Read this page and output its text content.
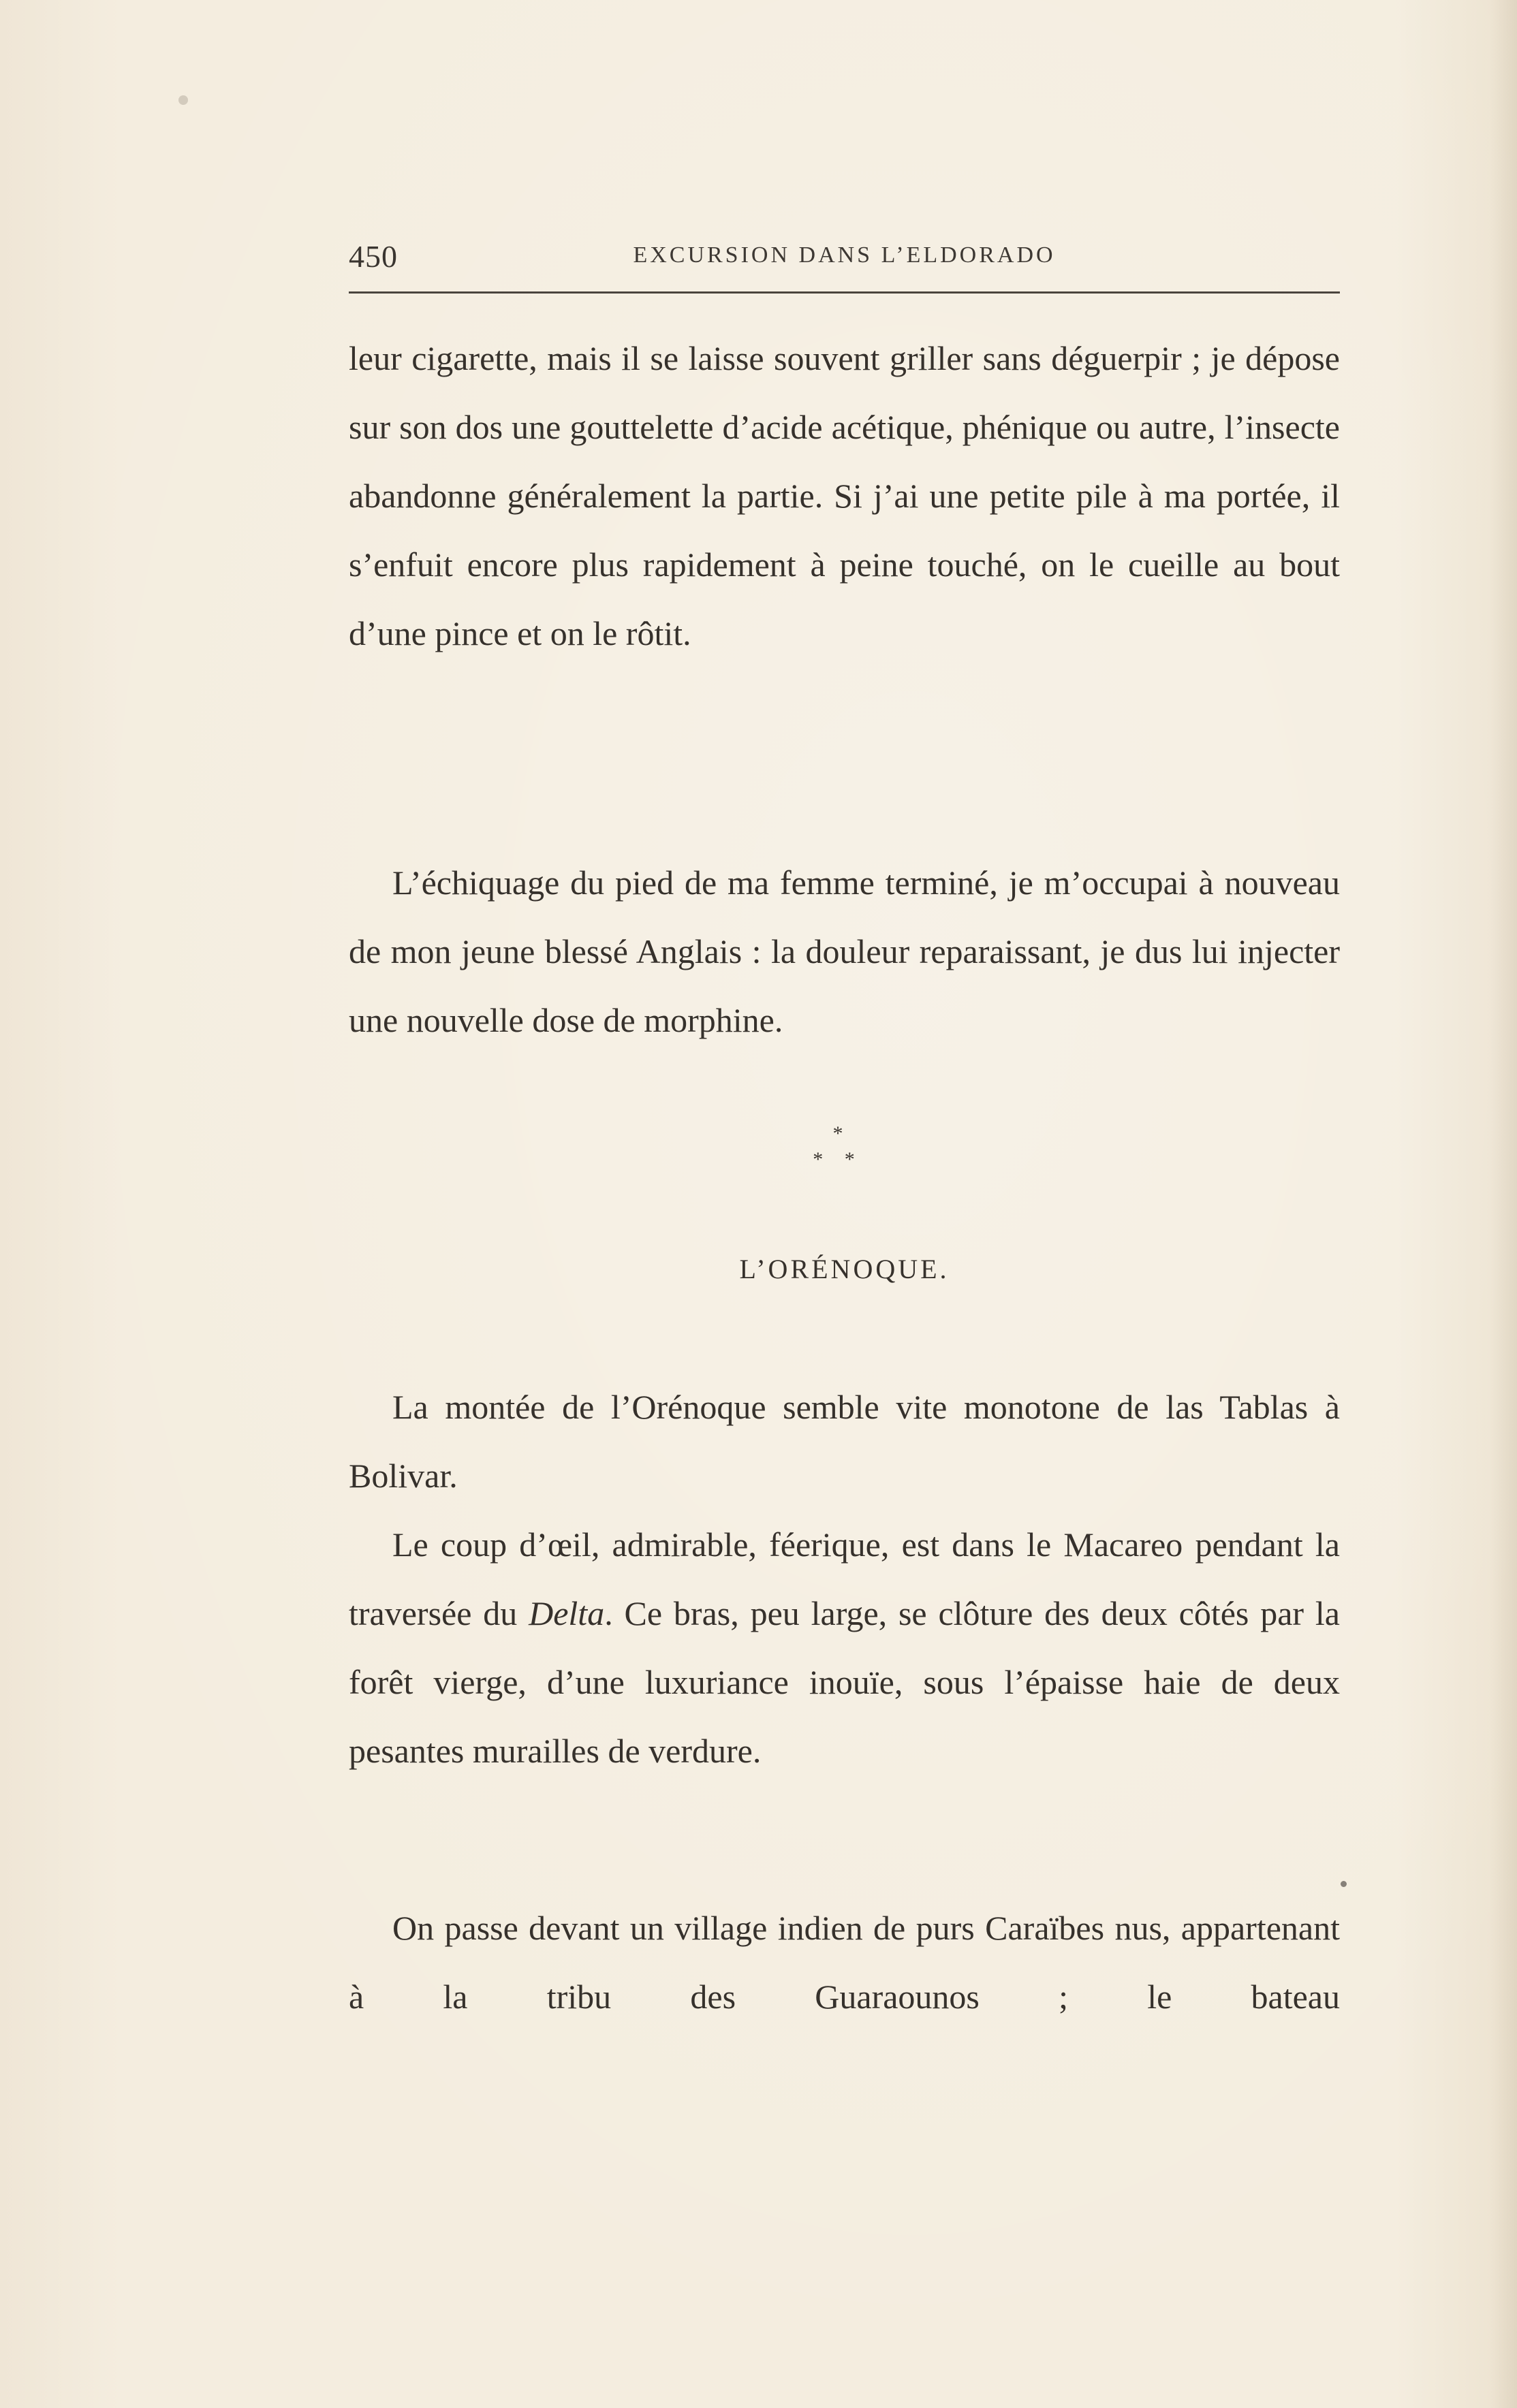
450	EXCURSION DANS L’ELDORADO

leur cigarette, mais il se laisse souvent griller sans déguerpir ; je dépose sur son dos une gouttelette d’acide acétique, phénique ou autre, l’insecte abandonne généralement la partie. Si j’ai une petite pile à ma portée, il s’enfuit encore plus rapidement à peine touché, on le cueille au bout d’une pince et on le rôtit.

L’échiquage du pied de ma femme terminé, je m’occupai à nouveau de mon jeune blessé Anglais : la douleur reparaissant, je dus lui injecter une nouvelle dose de morphine.

*
* *
L’ORÉNOQUE.

La montée de l’Orénoque semble vite monotone de las Tablas à Bolivar.

Le coup d’œil, admirable, féerique, est dans le Macareo pendant la traversée du Delta. Ce bras, peu large, se clôture des deux côtés par la forêt vierge, d’une luxuriance inouïe, sous l’épaisse haie de deux pesantes murailles de verdure.

On passe devant un village indien de purs Caraïbes nus, appartenant à la tribu des Guaraounos ; le bateau
